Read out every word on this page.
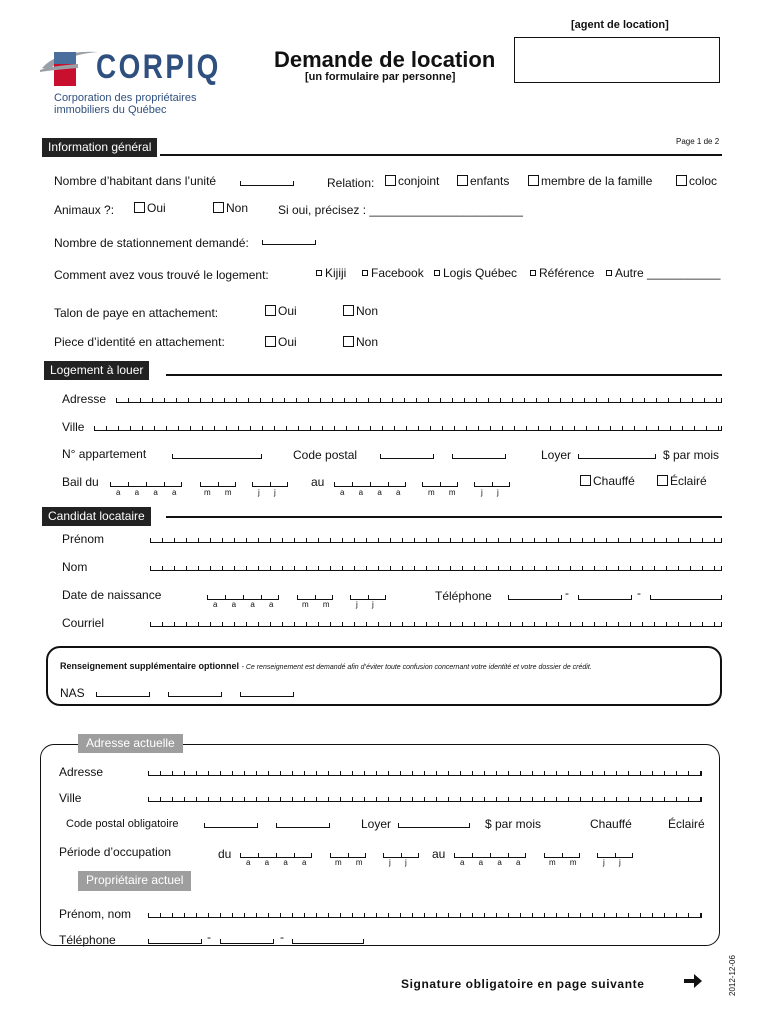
[agent de location]
CORPIQ
Corporation des propriétaires
immobiliers du Québec
Demande de location
[un formulaire par personne]
Information général	Page 1 de 2
Nombre d’habitant dans l’unité	Relation:	conjoint	enfants	membre de la famille	coloc
Animaux ?:	Oui	Non Si oui, précisez : _______________________
Nombre de stationnement demandé:
Comment avez vous trouvé le logement:	Kijiji	Facebook	Logis Québec	Référence	Autre ___________
Talon de paye en attachement:	Oui	Non
Piece d’identité en attachement:	Oui	Non
Logement à louer
Adresse
Ville
N° appartement	Code postal	Loyer	$ par mois
Bail du
a a a a	m m	j j
au
a a a a	m m j j
Chauffé	Éclairé
Candidat locataire
Prénom
Nom
Date de naissance
a a a a	m m	j j
Téléphone	-	-
Courriel
Renseignement supplémentaire optionnel - Ce renseignement est demandé afin d’éviter toute confusion concernant votre identité et votre dossier de crédit.
NAS
Adresse actuelle
Adresse
Ville
Code postal obligatoire	Loyer	$ par mois	Chauffé	Éclairé
Période d’occupation	du
a a a a	m m	j j
au
a a a a	m m	j j
Propriétaire actuel
Prénom, nom
Téléphone	-	-
Signature obligatoire en page suivante	2012-12-06
